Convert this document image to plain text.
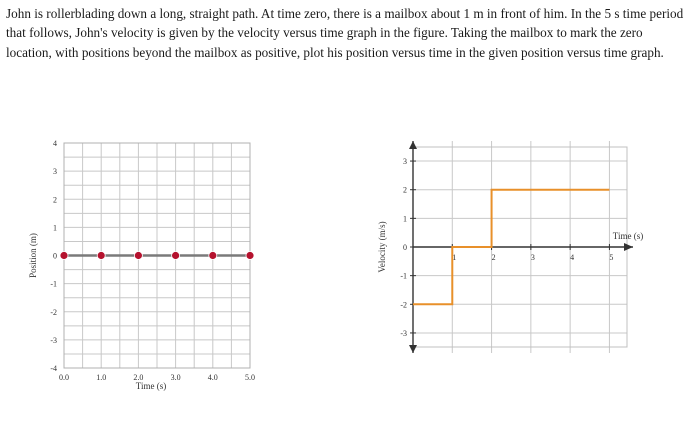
John is rollerblading down a long, straight path. At time zero, there is a mailbox about 1 m in front of him. In the 5 s time period

that follows, John's velocity is given by the velocity versus time graph in the figure. Taking the mailbox to mark the zero

location, with positions beyond the mailbox as positive, plot his position versus time in the given position versus time graph.

4
3
2
1
0
-1
-2
-3
-4
0.0	1.0	2.0	3.0	4.0	5.0
Time (s)
Position (m)
3
2
1
0
-1
-2
-3
1	2	3	4	5
Time (s)
Velocity (m/s)
